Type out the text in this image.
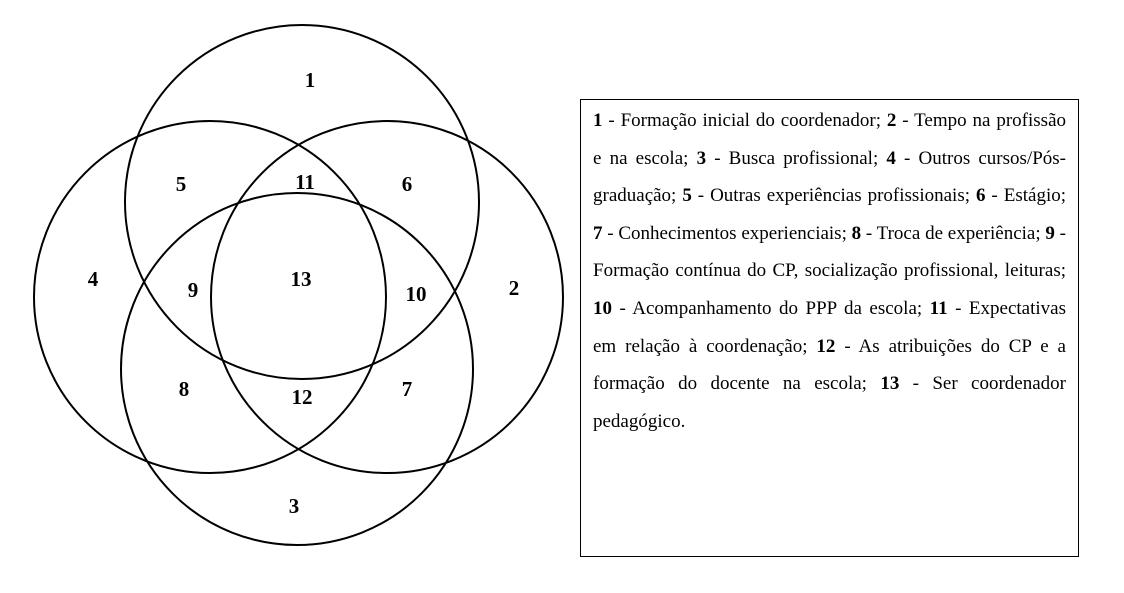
1
2
3
4
5	6
7
8
9	10
11
12
13
1 - Formação inicial do coordenador; 2 - Tempo na profissão e na escola; 3 - Busca profissional; 4 - Outros cursos/Pós-graduação; 5 - Outras experiências profissionais; 6 - Estágio; 7 - Conhecimentos experienciais; 8 - Troca de experiência; 9 - Formação contínua do CP, socialização profissional, leituras; 10 - Acompanhamento do PPP da escola; 11 - Expectativas em relação à coordenação; 12 - As atribuições do CP e a formação do docente na escola; 13 - Ser coordenador pedagógico.
